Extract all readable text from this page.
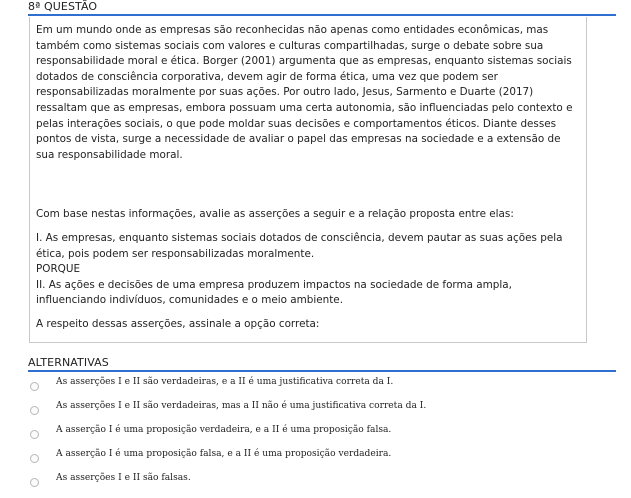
8ª QUESTÃO

Em um mundo onde as empresas são reconhecidas não apenas como entidades econômicas, mas também como sistemas sociais com valores e culturas compartilhadas, surge o debate sobre sua responsabilidade moral e ética. Borger (2001) argumenta que as empresas, enquanto sistemas sociais dotados de consciência corporativa, devem agir de forma ética, uma vez que podem ser responsabilizadas moralmente por suas ações. Por outro lado, Jesus, Sarmento e Duarte (2017) ressaltam que as empresas, embora possuam uma certa autonomia, são influenciadas pelo contexto e pelas interações sociais, o que pode moldar suas decisões e comportamentos éticos. Diante desses pontos de vista, surge a necessidade de avaliar o papel das empresas na sociedade e a extensão de sua responsabilidade moral.

Com base nestas informações, avalie as asserções a seguir e a relação proposta entre elas:

I. As empresas, enquanto sistemas sociais dotados de consciência, devem pautar as suas ações pela ética, pois podem ser responsabilizadas moralmente.

PORQUE

II. As ações e decisões de uma empresa produzem impactos na sociedade de forma ampla, influenciando indivíduos, comunidades e o meio ambiente.

A respeito dessas asserções, assinale a opção correta:

ALTERNATIVAS
As asserções I e II são verdadeiras, e a II é uma justificativa correta da I.
As asserções I e II são verdadeiras, mas a II não é uma justificativa correta da I.
A asserção I é uma proposição verdadeira, e a II é uma proposição falsa.
A asserção I é uma proposição falsa, e a II é uma proposição verdadeira.
As asserções I e II são falsas.
